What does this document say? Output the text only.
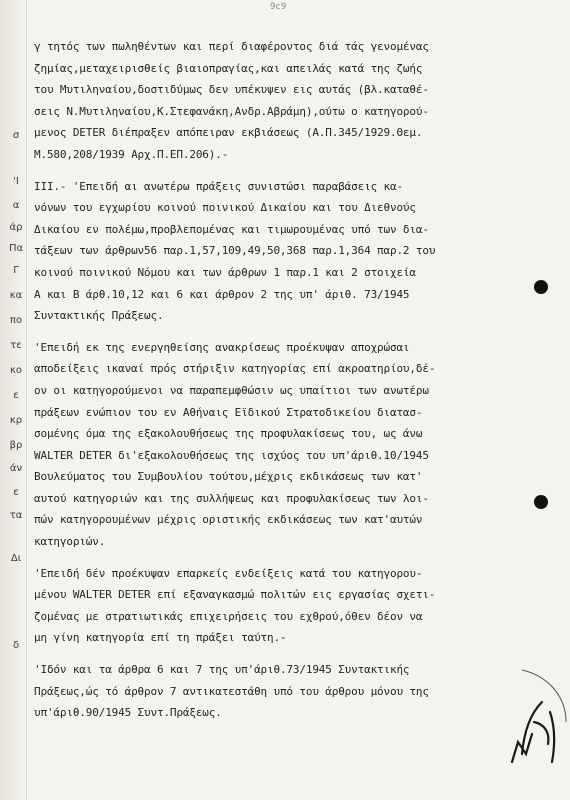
σ
'Ι
α
άρ
Πα
Γ
κα
πο
τε
κο
ε
κρ
βρ
άν
ε
τα
Δι
δ
9c9
γ τητός των πωληθέντων και περί διαφέροντος διά τάς γενομένας
ζημίας,μεταχειρισθείς βιαιοπραγίας,και απειλάς κατά της ζωής
του Μυτιληναίου,δοστιδύμως δεν υπέκυψεν εις αυτάς (βλ.καταθέ-
σεις Ν.Μυτιληναίου,Κ.Στεφανάκη,Ανδρ.Αβράμη),ούτω ο κατηγορού-
μενος DETER διέπραξεν απόπειραν εκβιάσεως (Α.Π.345/1929.Θεμ.
Μ.580,208/1939 Αρχ.Π.ΕΠ.206).-
ΙΙΙ.- 'Επειδή αι ανωτέρω πράξεις συνιστώσι παραβάσεις κα-
νόνων του εγχωρίου κοινού ποινικού Δικαίου και του Διεθνούς
Δικαίου εν πολέμω,προβλεπομένας και τιμωρουμένας υπό των δια-
τάξεων των άρθρων56 παρ.1,57,109,49,50,368 παρ.1,364 παρ.2 του
κοινού ποινικού Νόμου και των άρθρων 1 παρ.1 και 2 στοιχεία
Α και Β άρθ.10,12 και 6 και άρθρον 2 της υπ' άριθ. 73/1945
Συντακτικής Πράξεως.
'Επειδή εκ της ενεργηθείσης ανακρίσεως προέκυψαν αποχρώσαι
αποδείξεις ικαναί πρός στήριξιν κατηγορίας επί ακροατηρίου,δέ-
ον οι κατηγορούμενοι να παραπεμφθώσιν ως υπαίτιοι των ανωτέρω
πράξεων ενώπιον του εν Αθήναις Εϊδικού Στρατοδικείου διατασ-
σομένης όμα της εξακολουθήσεως της προφυλακίσεως του, ως άνω
WALTER DETER δι'εξακολουθήσεως της ισχύος του υπ'άριθ.10/1945
Βουλεύματος του Συμβουλίου τούτου,μέχρις εκδικάσεως των κατ'
αυτού κατηγοριών και της συλλήψεως και προφυλακίσεως των λοι-
πών κατηγορουμένων μέχρις οριστικής εκδικάσεως των κατ'αυτών
κατηγοριών.
'Επειδή δέν προέκυψαν επαρκείς ενδείξεις κατά του κατηγορου-
μένου WALTER DETER επί εξαναγκασμώ πολιτών εις εργασίας σχετι-
ζομένας με στρατιωτικάς επιχειρήσεις του εχθρού,όθεν δέον να
μη γίνη κατηγορία επί τη πράξει ταύτη.-
'Ιδόν και τα άρθρα 6 και 7 της υπ'άριθ.73/1945 Συντακτικής
Πράξεως,ώς τό άρθρον 7 αντικατεστάθη υπό του άρθρου μόνου της
υπ'άριθ.90/1945 Συντ.Πράξεως.
